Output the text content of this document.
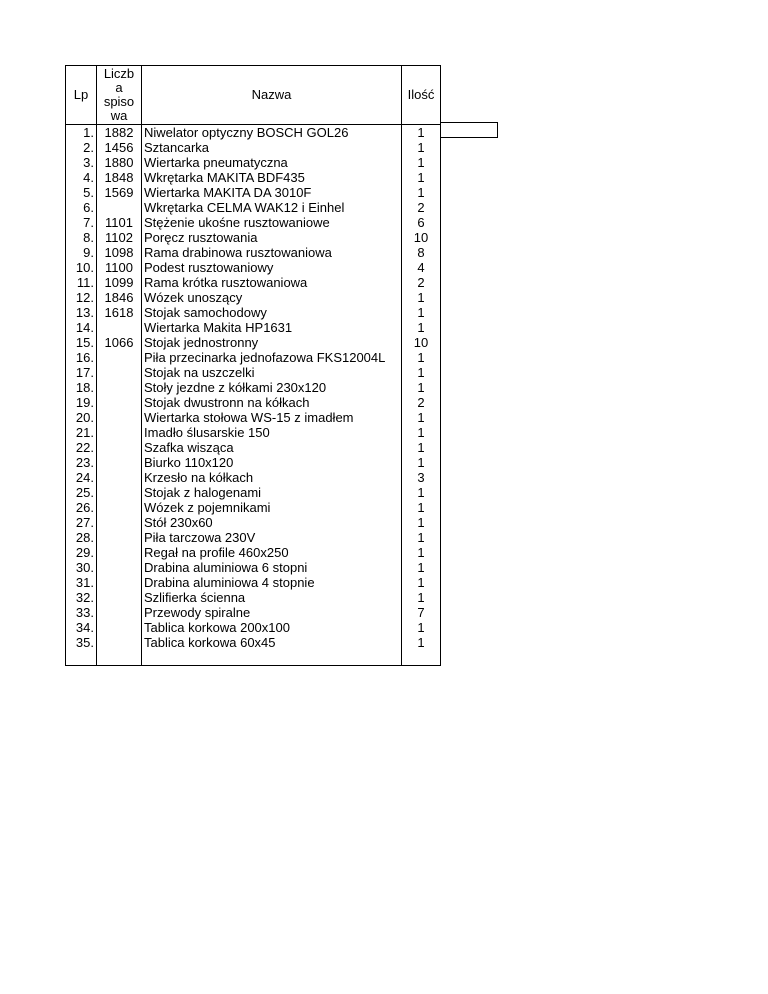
Lp	Liczb
a
spiso
wa	Nazwa	Ilość
1.	1882	Niwelator optyczny BOSCH GOL26	1
2.	1456	Sztancarka	1
3.	1880	Wiertarka pneumatyczna	1
4.	1848	Wkrętarka MAKITA BDF435	1
5.	1569	Wiertarka MAKITA DA 3010F	1
6.		Wkrętarka CELMA WAK12 i Einhel	2
7.	1101	Stężenie ukośne rusztowaniowe	6
8.	1102	Poręcz rusztowania	10
9.	1098	Rama drabinowa rusztowaniowa	8
10.	1100	Podest rusztowaniowy	4
11.	1099	Rama krótka rusztowaniowa	2
12.	1846	Wózek unoszący	1
13.	1618	Stojak samochodowy	1
14.		Wiertarka Makita HP1631	1
15.	1066	Stojak jednostronny	10
16.		Piła przecinarka jednofazowa FKS12004L	1
17.		Stojak na uszczelki	1
18.		Stoły jezdne z kółkami 230x120	1
19.		Stojak dwustronn na kółkach	2
20.		Wiertarka stołowa WS-15 z imadłem	1
21.		Imadło ślusarskie 150	1
22.		Szafka wisząca	1
23.		Biurko 110x120	1
24.		Krzesło na kółkach	3
25.		Stojak z halogenami	1
26.		Wózek z pojemnikami	1
27.		Stół 230x60	1
28.		Piła tarczowa 230V	1
29.		Regał na profile 460x250	1
30.		Drabina aluminiowa 6 stopni	1
31.		Drabina aluminiowa 4 stopnie	1
32.		Szlifierka ścienna	1
33.		Przewody spiralne	7
34.		Tablica korkowa 200x100	1
35.		Tablica korkowa 60x45	1
